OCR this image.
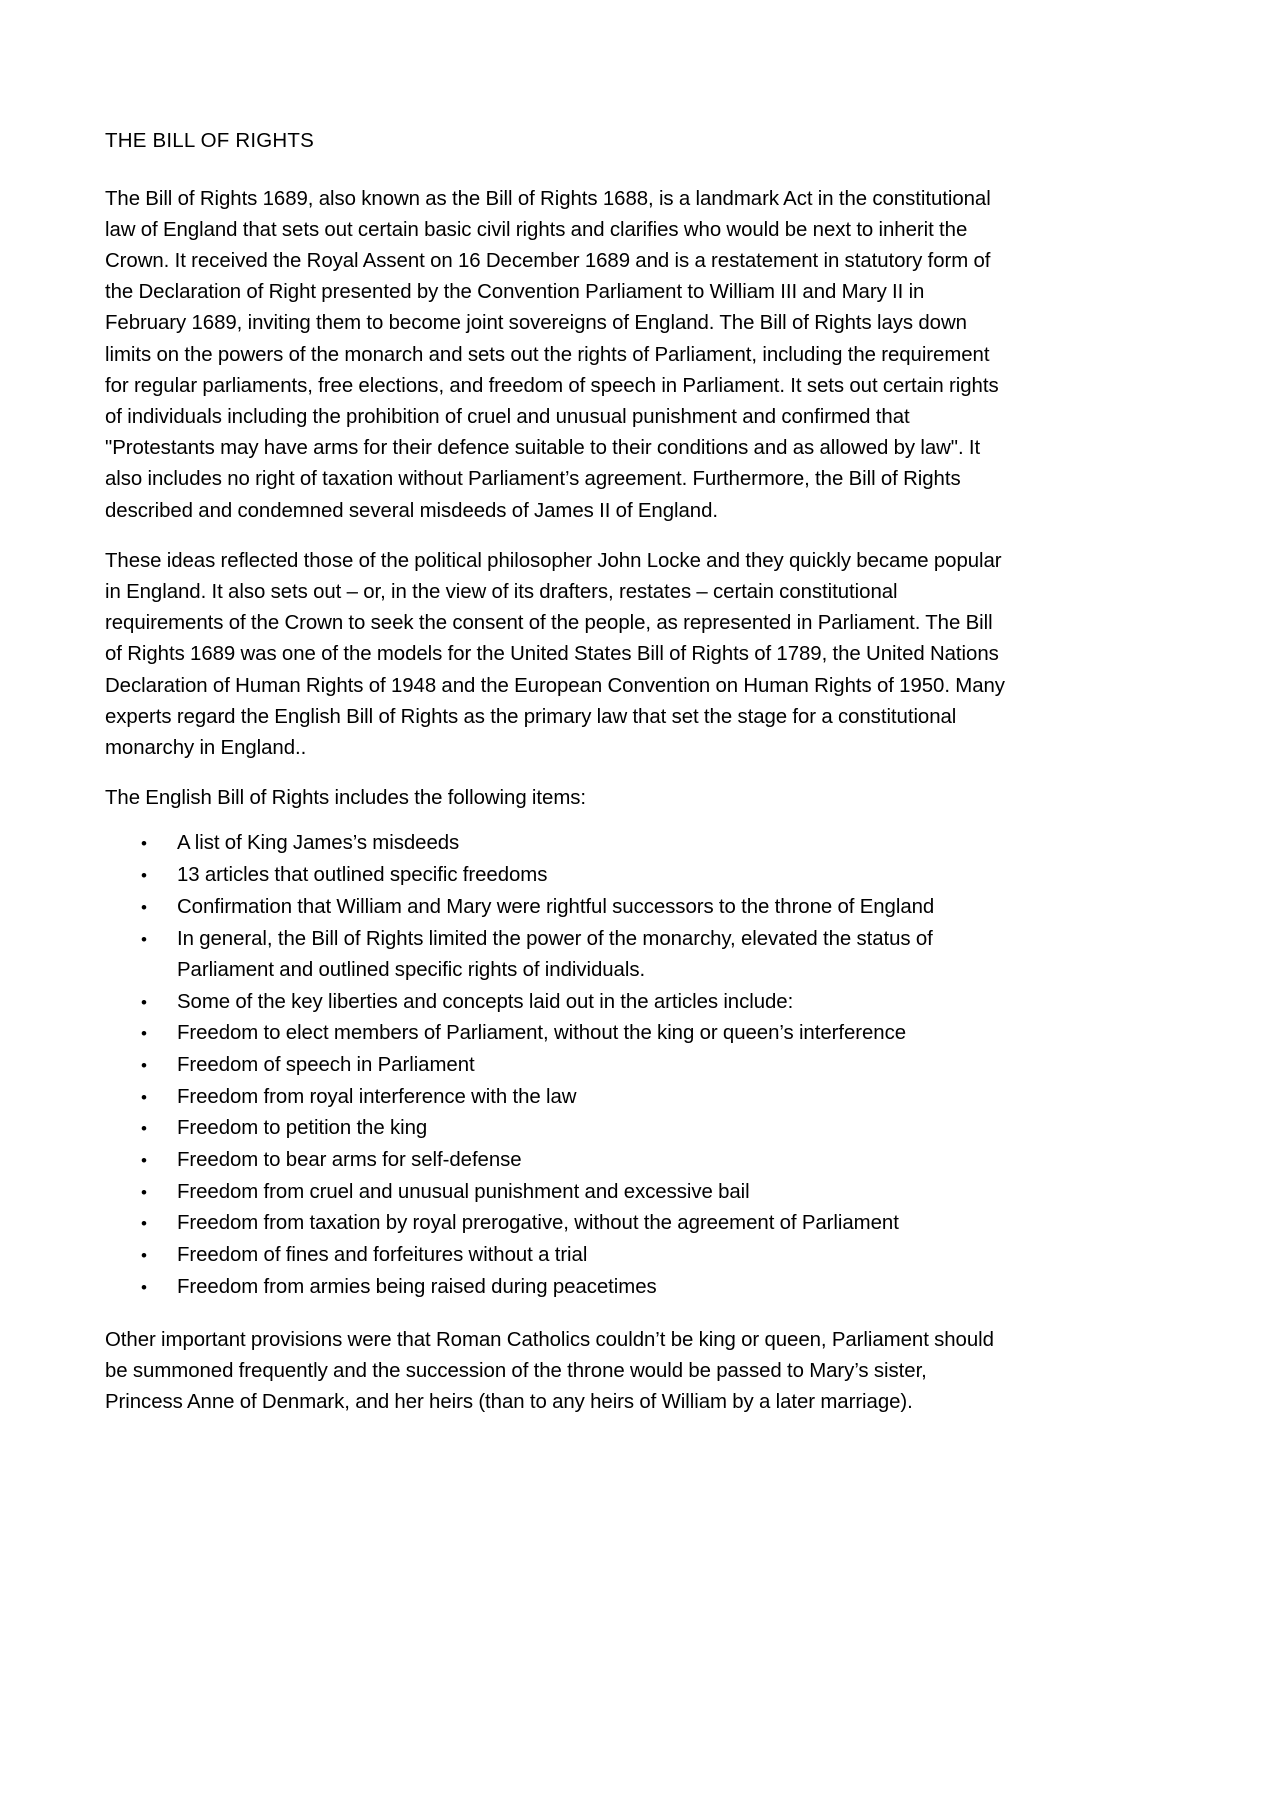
THE BILL OF RIGHTS

The Bill of Rights 1689, also known as the Bill of Rights 1688, is a landmark Act in the constitutional law of England that sets out certain basic civil rights and clarifies who would be next to inherit the Crown. It received the Royal Assent on 16 December 1689 and is a restatement in statutory form of the Declaration of Right presented by the Convention Parliament to William III and Mary II in February 1689, inviting them to become joint sovereigns of England. The Bill of Rights lays down limits on the powers of the monarch and sets out the rights of Parliament, including the requirement for regular parliaments, free elections, and freedom of speech in Parliament. It sets out certain rights of individuals including the prohibition of cruel and unusual punishment and confirmed that "Protestants may have arms for their defence suitable to their conditions and as allowed by law". It also includes no right of taxation without Parliament’s agreement. Furthermore, the Bill of Rights described and condemned several misdeeds of James II of England.

These ideas reflected those of the political philosopher John Locke and they quickly became popular in England. It also sets out – or, in the view of its drafters, restates – certain constitutional requirements of the Crown to seek the consent of the people, as represented in Parliament. The Bill of Rights 1689 was one of the models for the United States Bill of Rights of 1789, the United Nations Declaration of Human Rights of 1948 and the European Convention on Human Rights of 1950. Many experts regard the English Bill of Rights as the primary law that set the stage for a constitutional monarchy in England..

The English Bill of Rights includes the following items:

•	A list of King James’s misdeeds
•	13 articles that outlined specific freedoms
•	Confirmation that William and Mary were rightful successors to the throne of England
•	In general, the Bill of Rights limited the power of the monarchy, elevated the status of Parliament and outlined specific rights of individuals.
•	Some of the key liberties and concepts laid out in the articles include:
•	Freedom to elect members of Parliament, without the king or queen’s interference
•	Freedom of speech in Parliament
•	Freedom from royal interference with the law
•	Freedom to petition the king
•	Freedom to bear arms for self-defense
•	Freedom from cruel and unusual punishment and excessive bail
•	Freedom from taxation by royal prerogative, without the agreement of Parliament
•	Freedom of fines and forfeitures without a trial
•	Freedom from armies being raised during peacetimes

Other important provisions were that Roman Catholics couldn’t be king or queen, Parliament should be summoned frequently and the succession of the throne would be passed to Mary’s sister, Princess Anne of Denmark, and her heirs (than to any heirs of William by a later marriage).
